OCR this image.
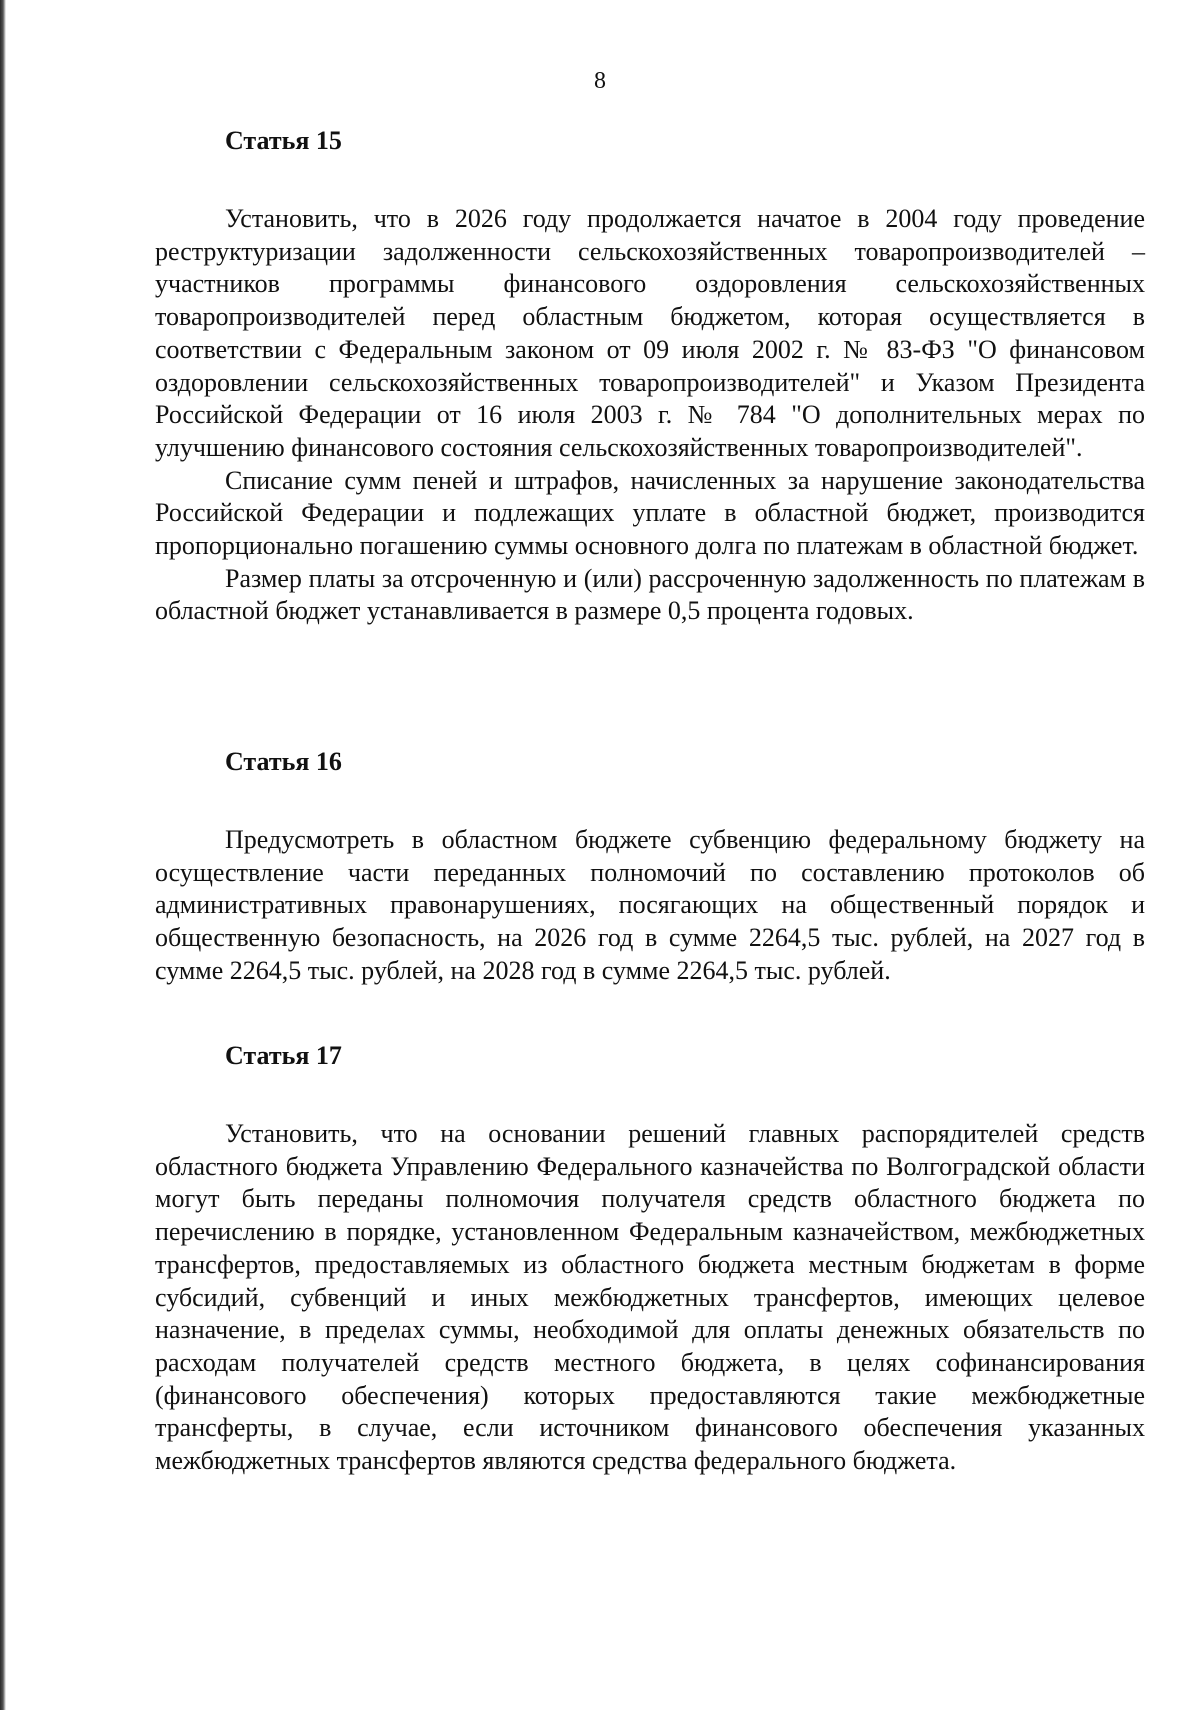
8
Статья 15

Установить, что в 2026 году продолжается начатое в 2004 году проведение реструктуризации задолженности сельскохозяйственных товаропроизводителей – участников программы финансового оздоровления сельскохозяйственных товаропроизводителей перед областным бюджетом, которая осуществляется в соответствии с Федеральным законом от 09 июля 2002 г. № 83-ФЗ "О финансовом оздоровлении сельскохозяйственных товаропроизводителей" и Указом Президента Российской Федерации от 16 июля 2003 г. № 784 "О дополнительных мерах по улучшению финансового состояния сельскохозяйственных товаропроизводителей".

Списание сумм пеней и штрафов, начисленных за нарушение законодательства Российской Федерации и подлежащих уплате в областной бюджет, производится пропорционально погашению суммы основного долга по платежам в областной бюджет.

Размер платы за отсроченную и (или) рассроченную задолженность по платежам в областной бюджет устанавливается в размере 0,5 процента годовых.

Статья 16

Предусмотреть в областном бюджете субвенцию федеральному бюджету на осуществление части переданных полномочий по составлению протоколов об административных правонарушениях, посягающих на общественный порядок и общественную безопасность, на 2026 год в сумме 2264,5 тыс. рублей, на 2027 год в сумме 2264,5 тыс. рублей, на 2028 год в сумме 2264,5 тыс. рублей.

Статья 17

Установить, что на основании решений главных распорядителей средств областного бюджета Управлению Федерального казначейства по Волгоградской области могут быть переданы полномочия получателя средств областного бюджета по перечислению в порядке, установленном Федеральным казначейством, межбюджетных трансфертов, предоставляемых из областного бюджета местным бюджетам в форме субсидий, субвенций и иных межбюджетных трансфертов, имеющих целевое назначение, в пределах суммы, необходимой для оплаты денежных обязательств по расходам получателей средств местного бюджета, в целях софинансирования (финансового обеспечения) которых предоставляются такие межбюджетные трансферты, в случае, если источником финансового обеспечения указанных межбюджетных трансфертов являются средства федерального бюджета.
